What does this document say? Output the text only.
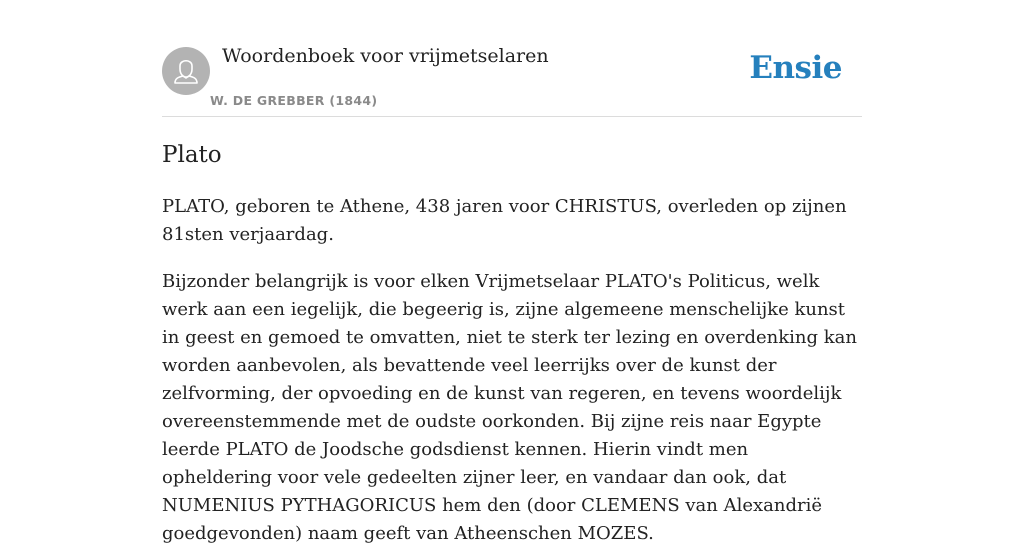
Woordenboek voor vrijmetselaren
W. DE GREBBER (1844)
Ensie
Plato

PLATO, geboren te Athene, 438 jaren voor CHRISTUS, overleden op zijnen 81sten verjaardag.

Bijzonder belangrijk is voor elken Vrijmetselaar PLATO's Politicus, welk werk aan een iegelijk, die begeerig is, zijne algemeene menschelijke kunst in geest en gemoed te omvatten, niet te sterk ter lezing en overdenking kan worden aanbevolen, als bevattende veel leerrijks over de kunst der zelfvorming, der opvoeding en de kunst van regeren, en tevens woordelijk overeenstemmende met de oudste oorkonden. Bij zijne reis naar Egypte leerde PLATO de Joodsche godsdienst kennen. Hierin vindt men opheldering voor vele gedeelten zijner leer, en vandaar dan ook, dat NUMENIUS PYTHAGORICUS hem den (door CLEMENS van Alexandrië goedgevonden) naam geeft van Atheenschen MOZES.
